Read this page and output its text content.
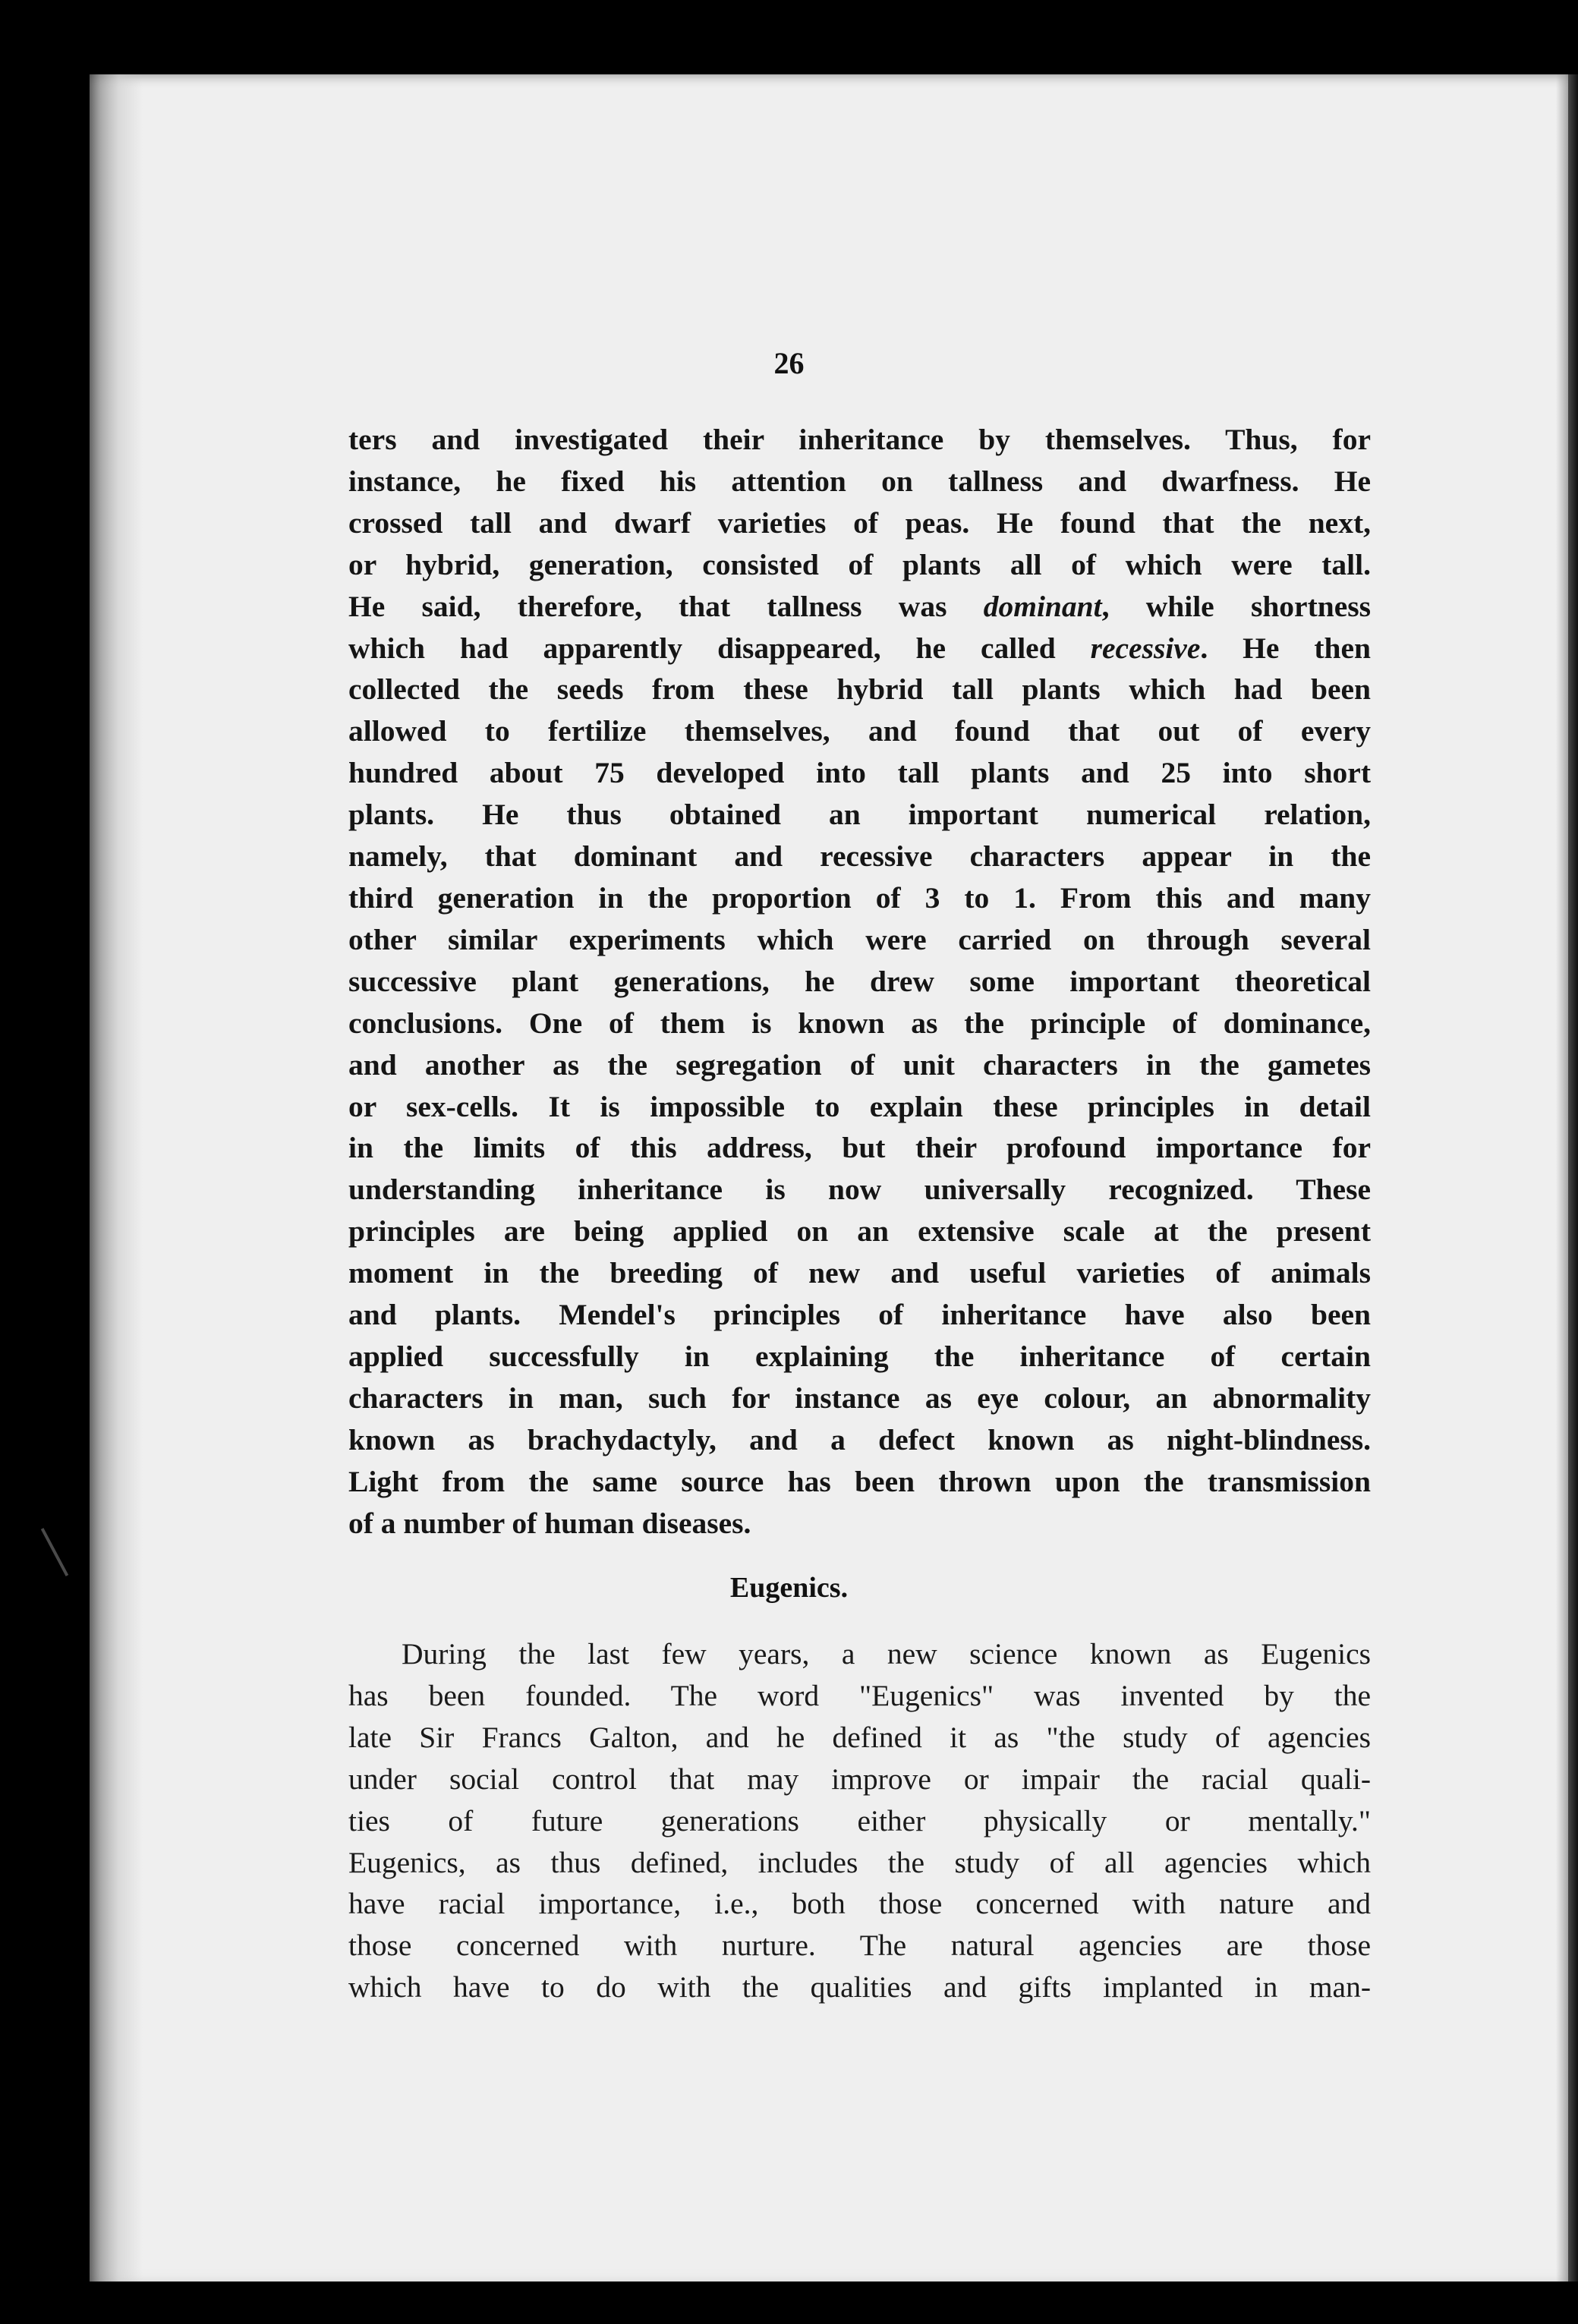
26
ters and investigated their inheritance by themselves. Thus, for
instance, he fixed his attention on tallness and dwarfness. He
crossed tall and dwarf varieties of peas. He found that the next,
or hybrid, generation, consisted of plants all of which were tall.
He said, therefore, that tallness was dominant, while shortness
which had apparently disappeared, he called recessive. He then
collected the seeds from these hybrid tall plants which had been
allowed to fertilize themselves, and found that out of every
hundred about 75 developed into tall plants and 25 into short
plants. He thus obtained an important numerical relation,
namely, that dominant and recessive characters appear in the
third generation in the proportion of 3 to 1. From this and many
other similar experiments which were carried on through several
successive plant generations, he drew some important theoretical
conclusions. One of them is known as the principle of dominance,
and another as the segregation of unit characters in the gametes
or sex-cells. It is impossible to explain these principles in detail
in the limits of this address, but their profound importance for
understanding inheritance is now universally recognized. These
principles are being applied on an extensive scale at the present
moment in the breeding of new and useful varieties of animals
and plants. Mendel's principles of inheritance have also been
applied successfully in explaining the inheritance of certain
characters in man, such for instance as eye colour, an abnormality
known as brachydactyly, and a defect known as night-blindness.
Light from the same source has been thrown upon the transmission
of a number of human diseases.
Eugenics.
During the last few years, a new science known as Eugenics
has been founded. The word "Eugenics" was invented by the
late Sir Francs Galton, and he defined it as "the study of agencies
under social control that may improve or impair the racial quali-
ties of future generations either physically or mentally."
Eugenics, as thus defined, includes the study of all agencies which
have racial importance, i.e., both those concerned with nature and
those concerned with nurture. The natural agencies are those
which have to do with the qualities and gifts implanted in man-
